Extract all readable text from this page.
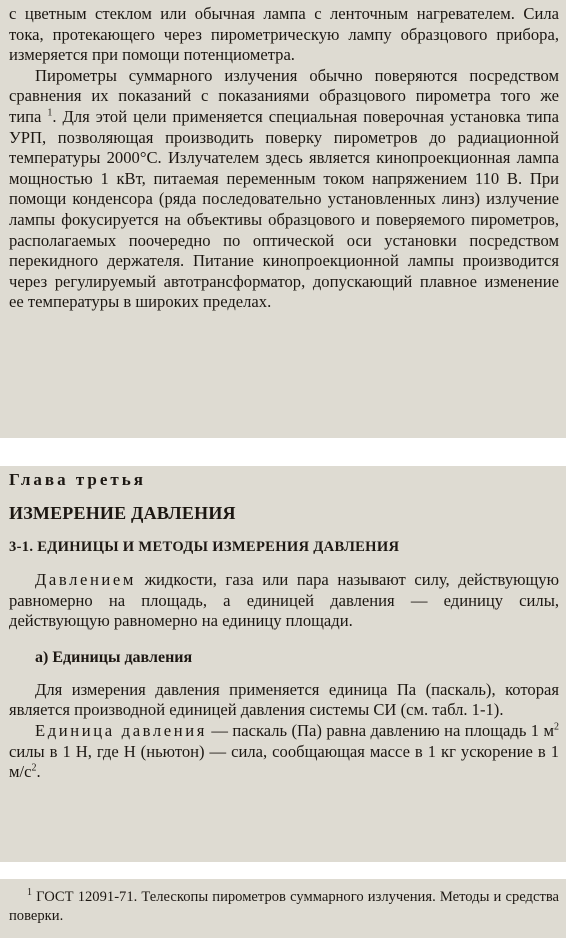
с цветным стеклом или обычная лампа с ленточным нагревателем. Сила тока, протекающего через пирометрическую лампу образцового прибора, измеряется при помощи потенциометра.

Пирометры суммарного излучения обычно поверяются посредством сравнения их показаний с показаниями образцового пирометра того же типа $^1$. Для этой цели применяется специальная поверочная установка типа УРП, позволяющая производить поверку пирометров до радиационной температуры 2000°С. Излучателем здесь является кинопроекционная лампа мощностью 1 кВт, питаемая переменным током напряжением 110 В. При помощи конденсора (ряда последовательно установленных линз) излучение лампы фокусируется на объективы образцового и поверяемого пирометров, располагаемых поочередно по оптической оси установки посредством перекидного держателя. Питание кинопроекционной лампы производится через регулируемый автотрансформатор, допускающий плавное изменение ее температуры в широких пределах.

Глава третья

ИЗМЕРЕНИЕ ДАВЛЕНИЯ

3-1. ЕДИНИЦЫ И МЕТОДЫ ИЗМЕРЕНИЯ ДАВЛЕНИЯ

Давлением жидкости, газа или пара называют силу, действующую равномерно на площадь, а единицей давления — единицу силы, действующую равномерно на единицу площади.

а) Единицы давления

Для измерения давления применяется единица Па (паскаль), которая является производной единицей давления системы СИ (см. табл. 1-1).

Единица давления — паскаль (Па) равна давлению на площадь 1 $м^2$ силы в 1 Н, где Н (ньютон) — сила, сообщающая массе в 1 кг ускорение в 1 $м/с^2$.

$^1$ ГОСТ 12091-71. Телескопы пирометров суммарного излучения. Методы и средства поверки.
